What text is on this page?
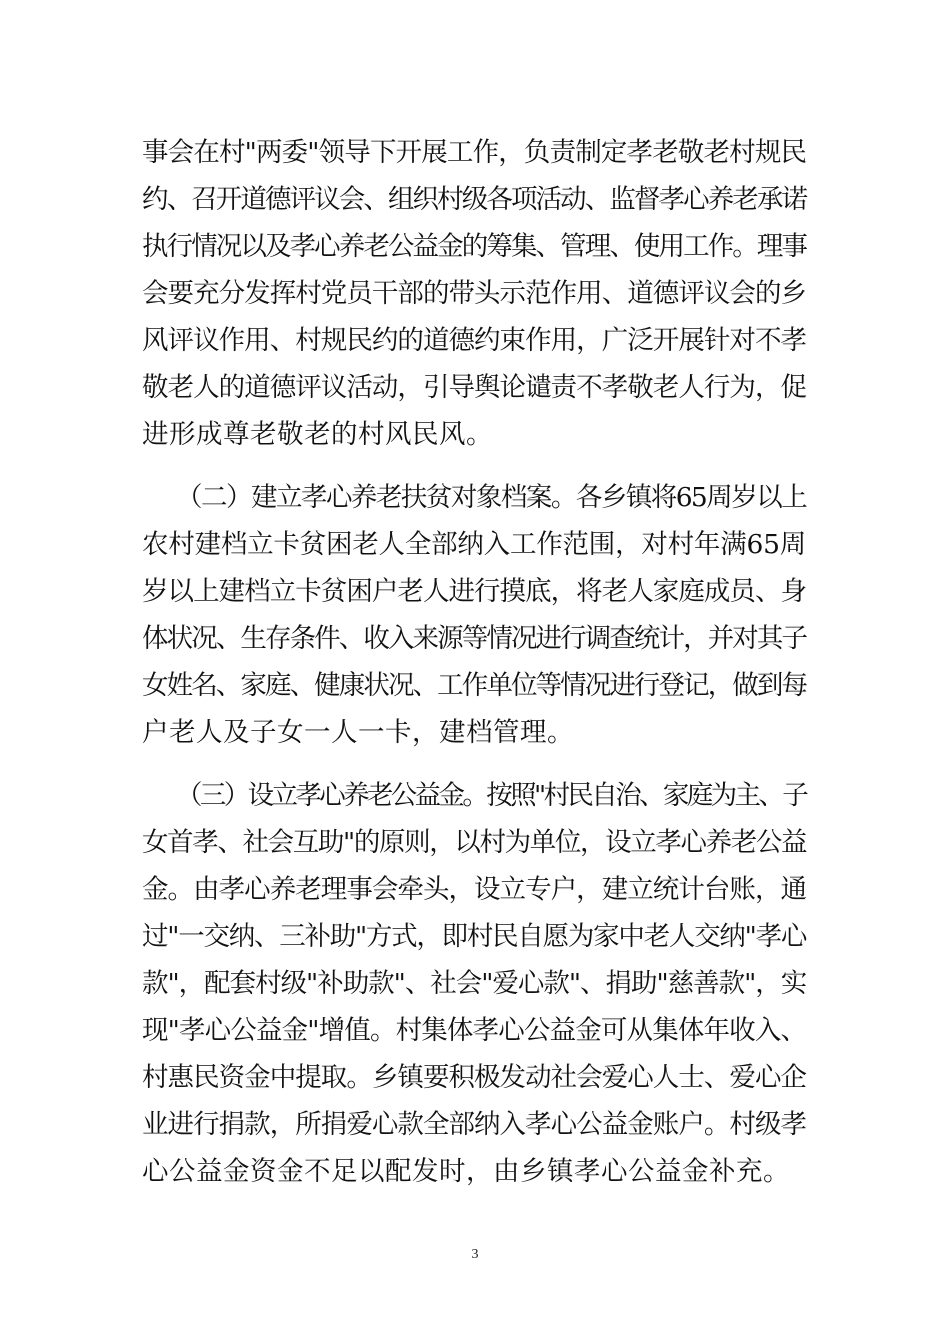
事会在村"两委"领导下开展工作，负责制定孝老敬老村规民
约、召开道德评议会、组织村级各项活动、监督孝心养老承诺
执行情况以及孝心养老公益金的筹集、管理、使用工作。理事
会要充分发挥村党员干部的带头示范作用、道德评议会的乡
风评议作用、村规民约的道德约束作用，广泛开展针对不孝
敬老人的道德评议活动，引导舆论谴责不孝敬老人行为，促
进形成尊老敬老的村风民风。
（二）建立孝心养老扶贫对象档案。各乡镇将65周岁以上
农村建档立卡贫困老人全部纳入工作范围，对村年满65周
岁以上建档立卡贫困户老人进行摸底，将老人家庭成员、身
体状况、生存条件、收入来源等情况进行调查统计，并对其子
女姓名、家庭、健康状况、工作单位等情况进行登记，做到每
户老人及子女一人一卡，建档管理。
（三）设立孝心养老公益金。按照"村民自治、家庭为主、子
女首孝、社会互助"的原则，以村为单位，设立孝心养老公益
金。由孝心养老理事会牵头，设立专户，建立统计台账，通
过"一交纳、三补助"方式，即村民自愿为家中老人交纳"孝心
款"，配套村级"补助款"、社会"爱心款"、捐助"慈善款"，实
现"孝心公益金"增值。村集体孝心公益金可从集体年收入、
村惠民资金中提取。乡镇要积极发动社会爱心人士、爱心企
业进行捐款，所捐爱心款全部纳入孝心公益金账户。村级孝
心公益金资金不足以配发时，由乡镇孝心公益金补充。
3
